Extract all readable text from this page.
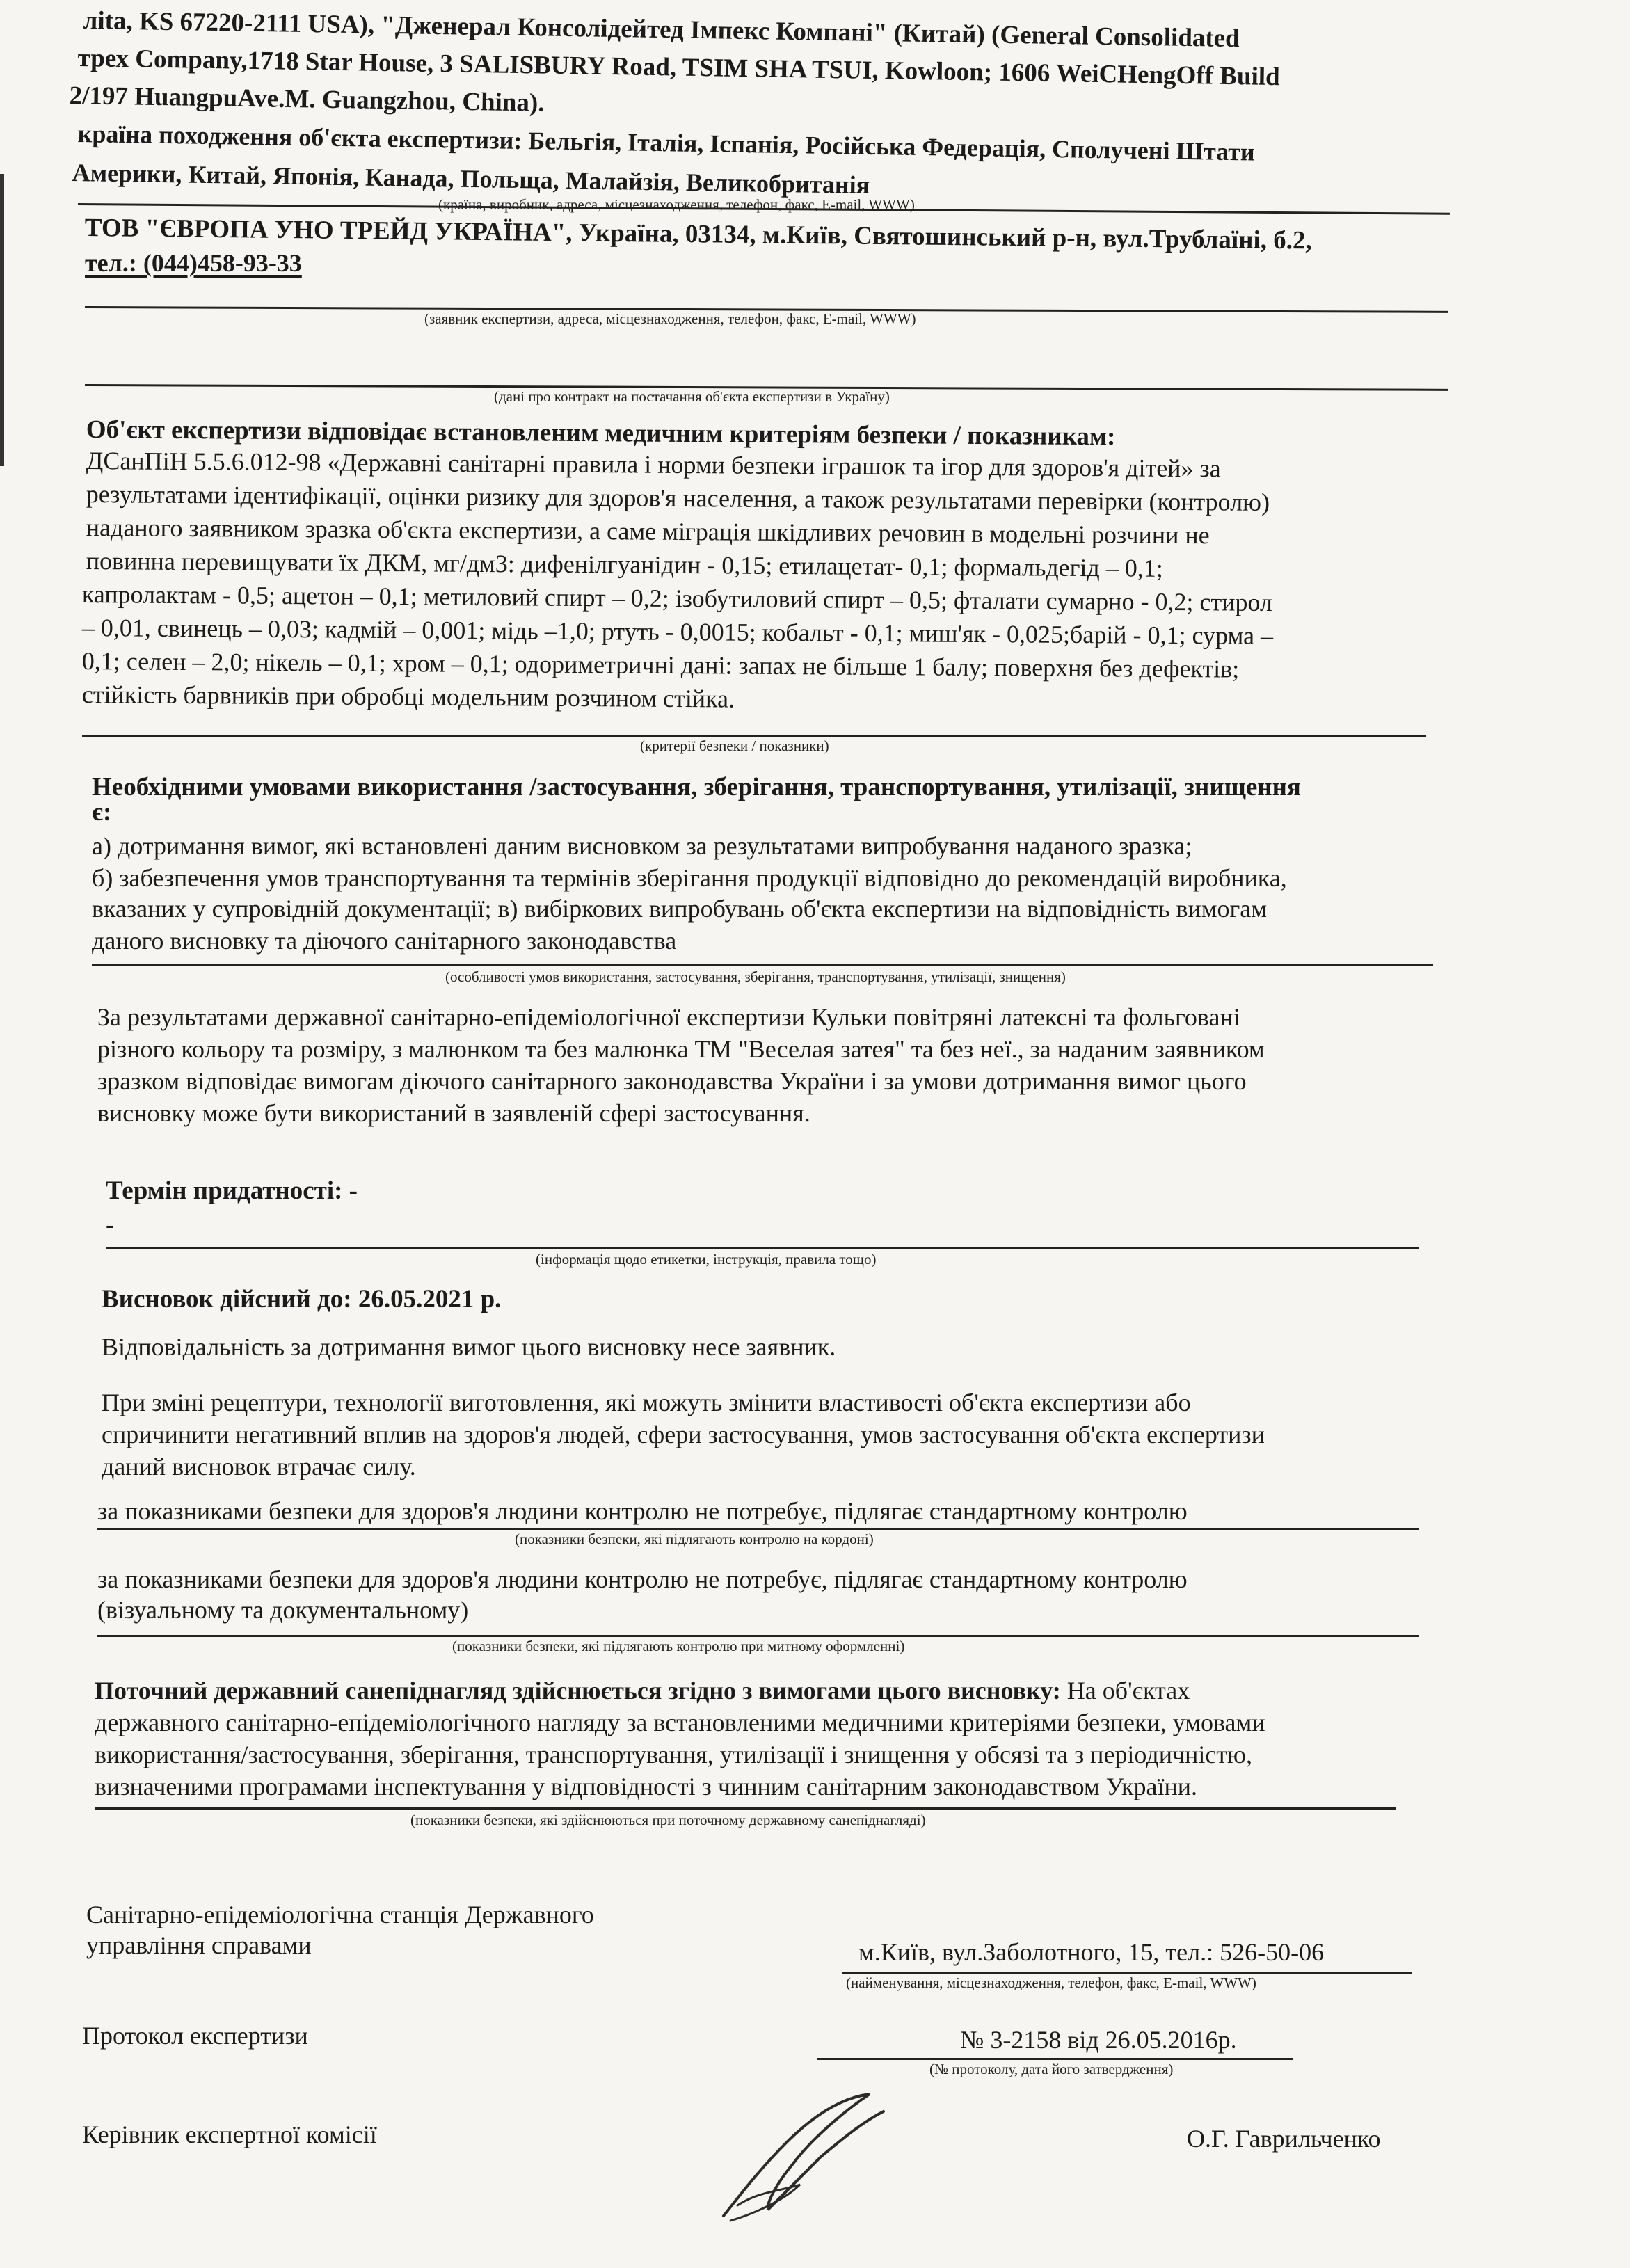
лita, KS 67220-2111 USA), "Дженерал Консолідейтед Імпекс Компані" (Китай) (General Consolidated
трех Company,1718 Star House, 3 SALISBURY Road, TSIM SHA TSUI, Kowloon; 1606 WeiCHengOff Build
2/197 HuangpuAve.M. Guangzhou, China).
країна походження об'єкта експертизи: Бельгія, Італія, Іспанія, Російська Федерація, Сполучені Штати
Америки, Китай, Японія, Канада, Польща, Малайзія, Великобританія
(країна, виробник, адреса, місцезнаходження, телефон, факс, E-mail, WWW)
ТОВ "ЄВРОПА УНО ТРЕЙД УКРАЇНА", Україна, 03134, м.Київ, Святошинський р-н, вул.Трублаїні, б.2,
тел.: (044)458-93-33
(заявник експертизи, адреса, місцезнаходження, телефон, факс, E-mail, WWW)
(дані про контракт на постачання об'єкта експертизи в Україну)
Об'єкт експертизи відповідає встановленим медичним критеріям безпеки / показникам:
ДСанПіН 5.5.6.012-98 «Державні санітарні правила і норми безпеки іграшок та ігор для здоров'я дітей» за
результатами ідентифікації, оцінки ризику для здоров'я населення, а також результатами перевірки (контролю)
наданого заявником зразка об'єкта експертизи, а саме міграція шкідливих речовин в модельні розчини не
повинна перевищувати їх ДКМ, мг/дм3: дифенілгуанідин - 0,15; етилацетат- 0,1; формальдегід – 0,1;
капролактам - 0,5; ацетон – 0,1; метиловий спирт – 0,2; ізобутиловий спирт – 0,5; фталати сумарно - 0,2; стирол
– 0,01, свинець – 0,03; кадмій – 0,001; мідь –1,0; ртуть - 0,0015; кобальт - 0,1; миш'як - 0,025;барій - 0,1; сурма –
0,1; селен – 2,0; нікель – 0,1; хром – 0,1; одориметричні дані: запах не більше 1 балу; поверхня без дефектів;
стійкість барвників при обробці модельним розчином стійка.
(критерії безпеки / показники)
Необхідними умовами використання /застосування, зберігання, транспортування, утилізації, знищення
є:
а) дотримання вимог, які встановлені даним висновком за результатами випробування наданого зразка;
б) забезпечення умов транспортування та термінів зберігання продукції відповідно до рекомендацій виробника,
вказаних у супровідній документації; в) вибіркових випробувань об'єкта експертизи на відповідність вимогам
даного висновку та діючого санітарного законодавства
(особливості умов використання, застосування, зберігання, транспортування, утилізації, знищення)
За результатами державної санітарно-епідеміологічної експертизи Кульки повітряні латексні та фольговані
різного кольору та розміру, з малюнком та без малюнка ТМ "Веселая затея" та без неї., за наданим заявником
зразком відповідає вимогам діючого санітарного законодавства України і за умови дотримання вимог цього
висновку може бути використаний в заявленій сфері застосування.
Термін придатності: -
-
(інформація щодо етикетки, інструкція, правила тощо)
Висновок дійсний до: 26.05.2021 р.
Відповідальність за дотримання вимог цього висновку несе заявник.
При зміні рецептури, технології виготовлення, які можуть змінити властивості об'єкта експертизи або
спричинити негативний вплив на здоров'я людей, сфери застосування, умов застосування об'єкта експертизи
даний висновок втрачає силу.
за показниками безпеки для здоров'я людини контролю не потребує, підлягає стандартному контролю
(показники безпеки, які підлягають контролю на кордоні)
за показниками безпеки для здоров'я людини контролю не потребує, підлягає стандартному контролю
(візуальному та документальному)
(показники безпеки, які підлягають контролю при митному оформленні)
Поточний державний санепіднагляд здійснюється згідно з вимогами цього висновку: На об'єктах
державного санітарно-епідеміологічного нагляду за встановленими медичними критеріями безпеки, умовами
використання/застосування, зберігання, транспортування, утилізації і знищення у обсязі та з періодичністю,
визначеними програмами інспектування у відповідності з чинним санітарним законодавством України.
(показники безпеки, які здійснюються при поточному державному санепіднагляді)
Санітарно-епідеміологічна станція Державного
управління справами	м.Київ, вул.Заболотного, 15, тел.: 526-50-06
(найменування, місцезнаходження, телефон, факс, E-mail, WWW)
Протокол експертизи	№ 3-2158 від 26.05.2016р.
(№ протоколу, дата його затвердження)
Керівник експертної комісії	О.Г. Гаврильченко
